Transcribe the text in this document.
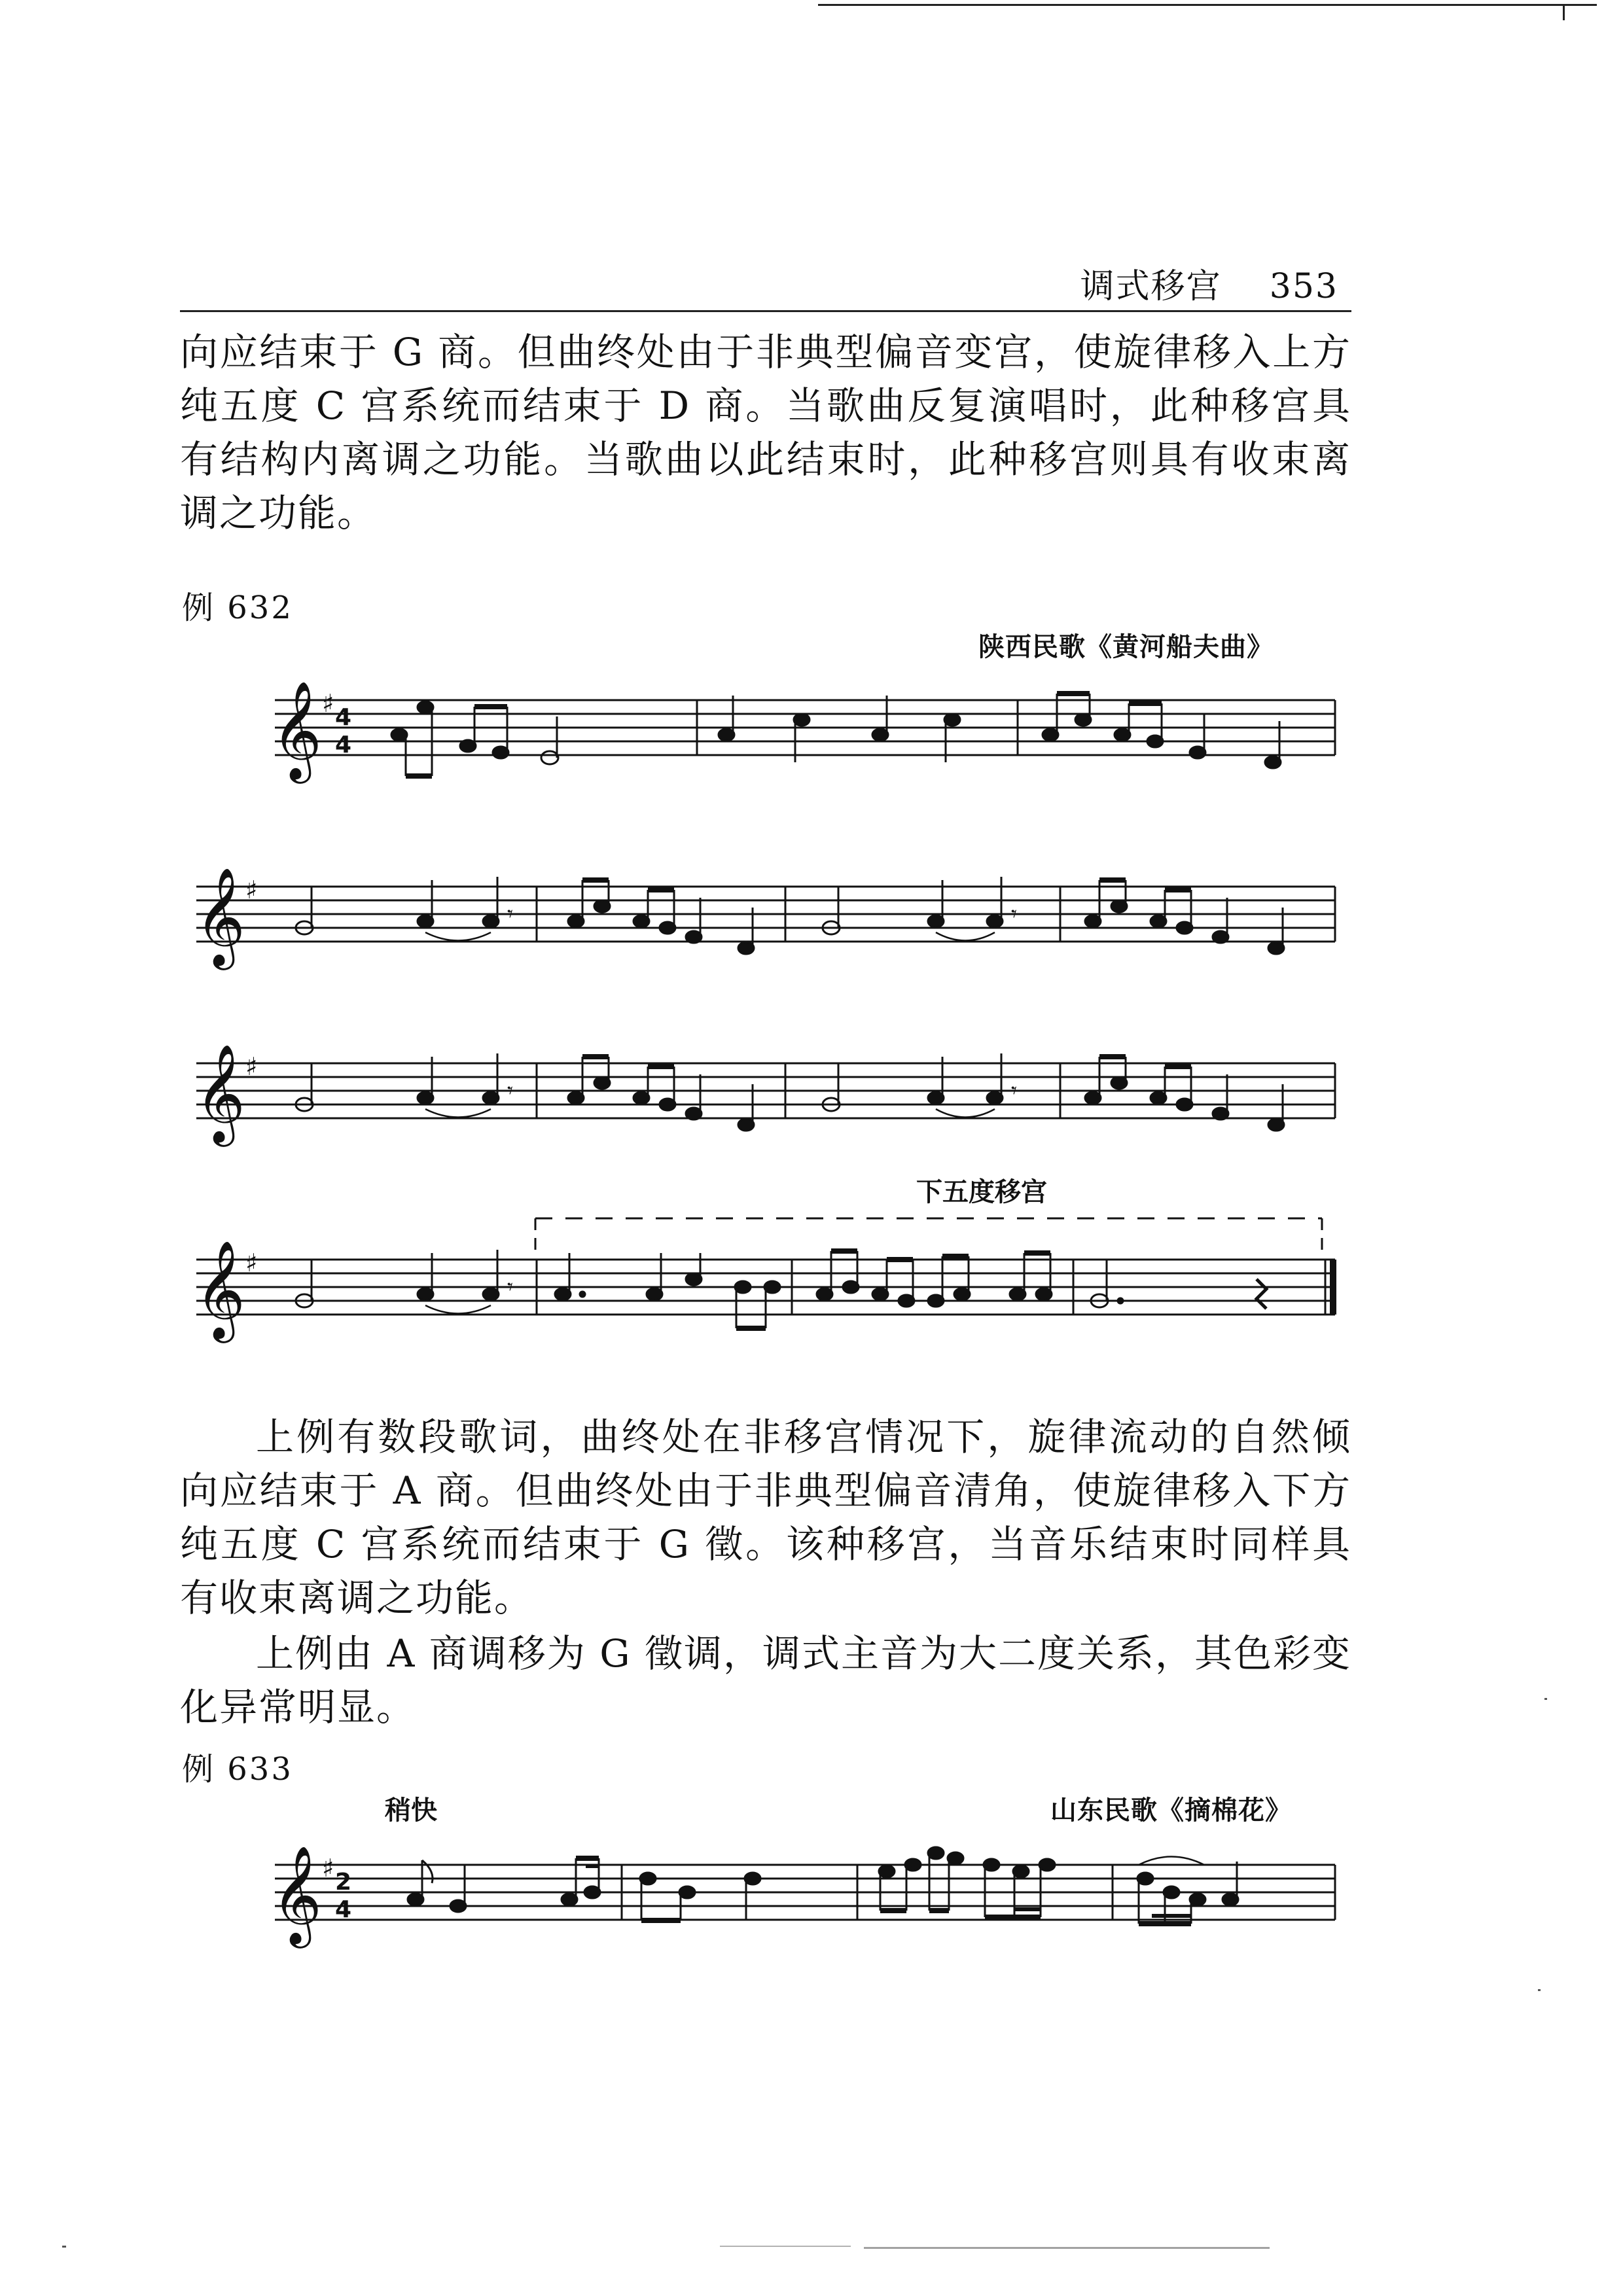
调式移宫 353

向应结束于 G 商。但曲终处由于非典型偏音变宫，使旋律移入上方纯五度 C 宫系统而结束于 D 商。当歌曲反复演唱时，此种移宫具有结构内离调之功能。当歌曲以此结束时，此种移宫则具有收束离调之功能。

例 632
陕西民歌《黄河船夫曲》
𝄞
𝄞
𝄞
𝄞
♯
♯
♯
♯
4
4
𝄾	𝄾
𝄾	𝄾
𝄾
下五度移宫

上例有数段歌词，曲终处在非移宫情况下，旋律流动的自然倾向应结束于 A 商。但曲终处由于非典型偏音清角，使旋律移入下方纯五度 C 宫系统而结束于 G 徵。该种移宫，当音乐结束时同样具有收束离调之功能。

上例由 A 商调移为 G 徵调，调式主音为大二度关系，其色彩变化异常明显。

例 633
稍快	山东民歌《摘棉花》
𝄞 ♯ 2
4
